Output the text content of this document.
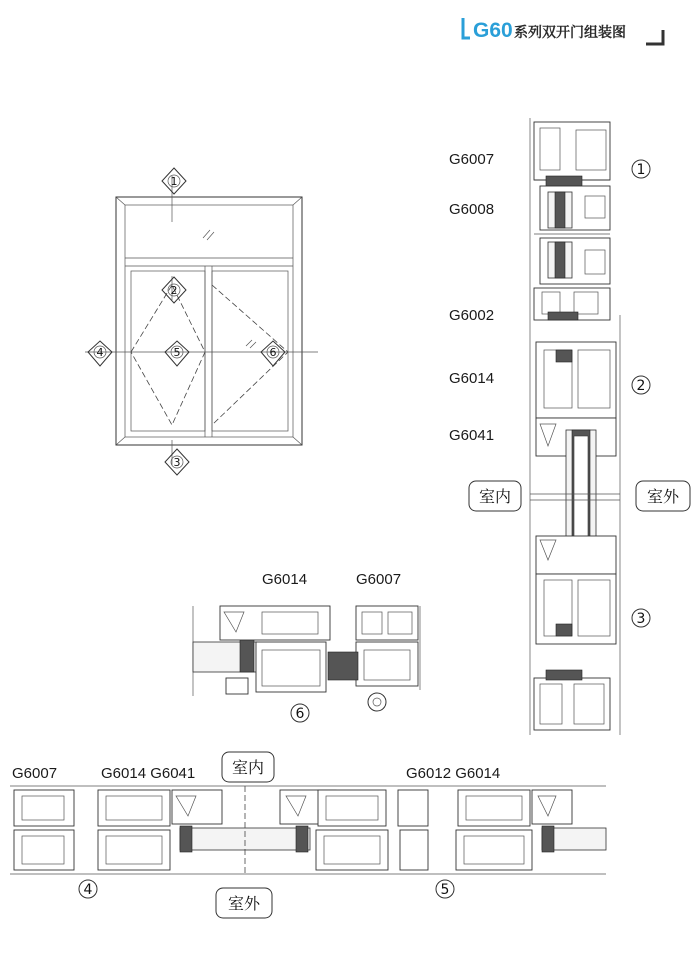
G60 系列双开门组装图
1
2
3
4	5	6
G6007
G6008
G6002
G6014
G6041
1
2
3
室内	室外
G6014	G6007
6
G6007	G6014 G6041	G6012 G6014
室内
室外
4	5
